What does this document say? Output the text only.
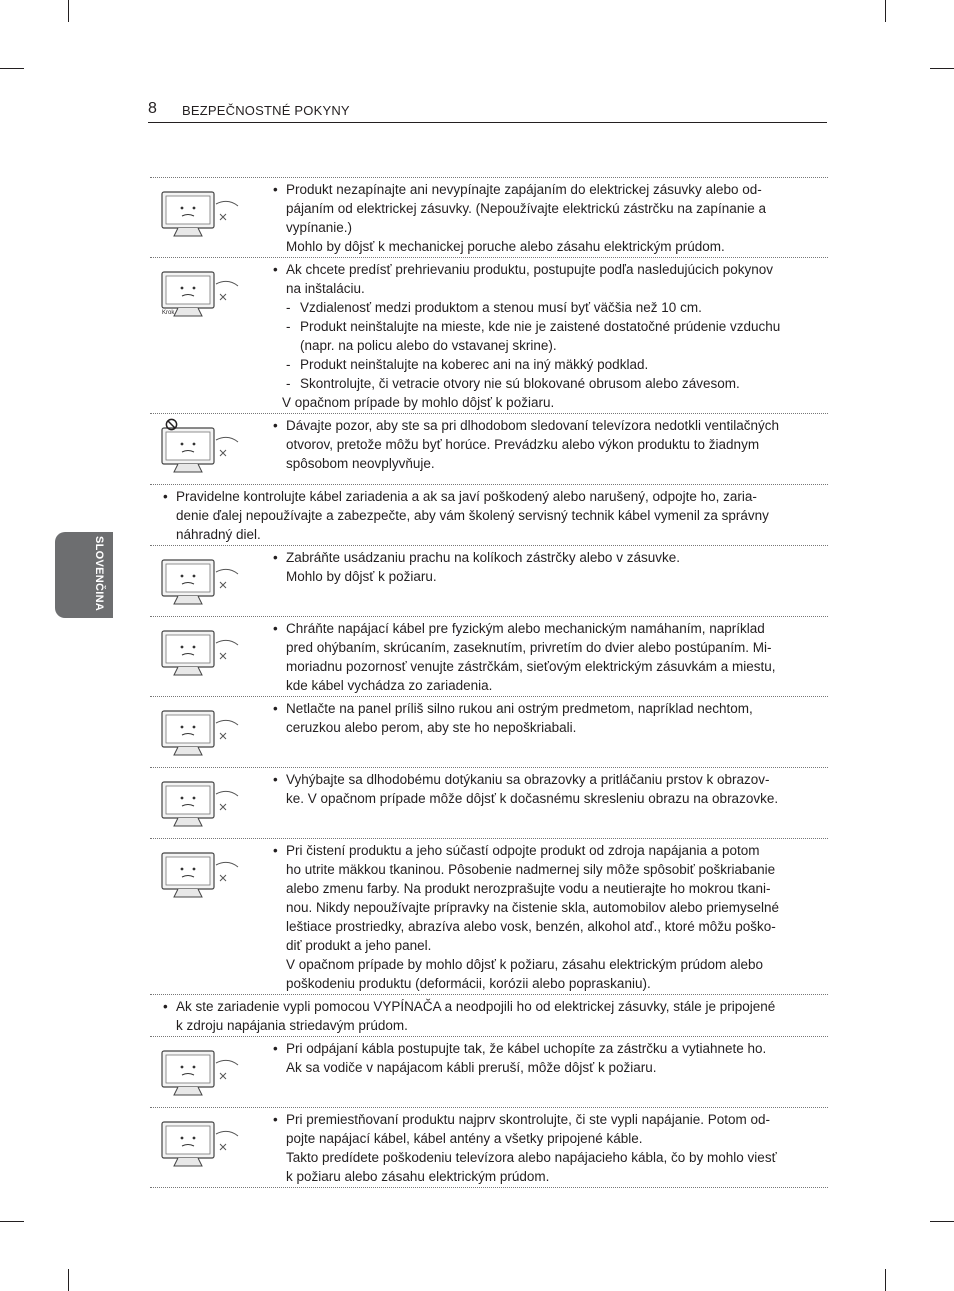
8 BEZPEČNOSTNÉ POKYNY
SLOVENČINA
• Produkt nezapínajte ani nevypínajte zapájaním do elektrickej zásuvky alebo od-
pájaním od elektrickej zásuvky. (Nepoužívajte elektrickú zástrčku na zapínanie a
vypínanie.)
Mohlo by dôjsť k mechanickej poruche alebo zásahu elektrickým prúdom.
Krok
• Ak chcete predísť prehrievaniu produktu, postupujte podľa nasledujúcich pokynov
na inštaláciu.
- Vzdialenosť medzi produktom a stenou musí byť väčšia než 10 cm.
- Produkt neinštalujte na mieste, kde nie je zaistené dostatočné prúdenie vzduchu
(napr. na policu alebo do vstavanej skrine).
- Produkt neinštalujte na koberec ani na iný mäkký podklad.
- Skontrolujte, či vetracie otvory nie sú blokované obrusom alebo závesom.
V opačnom prípade by mohlo dôjsť k požiaru.
• Dávajte pozor, aby ste sa pri dlhodobom sledovaní televízora nedotkli ventilačných
otvorov, pretože môžu byť horúce. Prevádzku alebo výkon produktu to žiadnym
spôsobom neovplyvňuje.
• Pravidelne kontrolujte kábel zariadenia a ak sa javí poškodený alebo narušený, odpojte ho, zaria-
denie ďalej nepoužívajte a zabezpečte, aby vám školený servisný technik kábel vymenil za správny
náhradný diel.
• Zabráňte usádzaniu prachu na kolíkoch zástrčky alebo v zásuvke.
Mohlo by dôjsť k požiaru.
• Chráňte napájací kábel pre fyzickým alebo mechanickým namáhaním, napríklad
pred ohýbaním, skrúcaním, zaseknutím, privretím do dvier alebo postúpaním. Mi-
moriadnu pozornosť venujte zástrčkám, sieťovým elektrickým zásuvkám a miestu,
kde kábel vychádza zo zariadenia.
• Netlačte na panel príliš silno rukou ani ostrým predmetom, napríklad nechtom,
ceruzkou alebo perom, aby ste ho nepoškriabali.
• Vyhýbajte sa dlhodobému dotýkaniu sa obrazovky a pritláčaniu prstov k obrazov-
ke. V opačnom prípade môže dôjsť k dočasnému skresleniu obrazu na obrazovke.
• Pri čistení produktu a jeho súčastí odpojte produkt od zdroja napájania a potom
ho utrite mäkkou tkaninou. Pôsobenie nadmernej sily môže spôsobiť poškriabanie
alebo zmenu farby. Na produkt nerozprašujte vodu a neutierajte ho mokrou tkani-
nou. Nikdy nepoužívajte prípravky na čistenie skla, automobilov alebo priemyselné
leštiace prostriedky, abrazíva alebo vosk, benzén, alkohol atď., ktoré môžu poško-
diť produkt a jeho panel.
V opačnom prípade by mohlo dôjsť k požiaru, zásahu elektrickým prúdom alebo
poškodeniu produktu (deformácii, korózii alebo popraskaniu).
• Ak ste zariadenie vypli pomocou VYPÍNAČA a neodpojili ho od elektrickej zásuvky, stále je pripojené
k zdroju napájania striedavým prúdom.
• Pri odpájaní kábla postupujte tak, že kábel uchopíte za zástrčku a vytiahnete ho.
Ak sa vodiče v napájacom kábli preruší, môže dôjsť k požiaru.
• Pri premiestňovaní produktu najprv skontrolujte, či ste vypli napájanie. Potom od-
pojte napájací kábel, kábel antény a všetky pripojené káble.
Takto predídete poškodeniu televízora alebo napájacieho kábla, čo by mohlo viesť
k požiaru alebo zásahu elektrickým prúdom.
